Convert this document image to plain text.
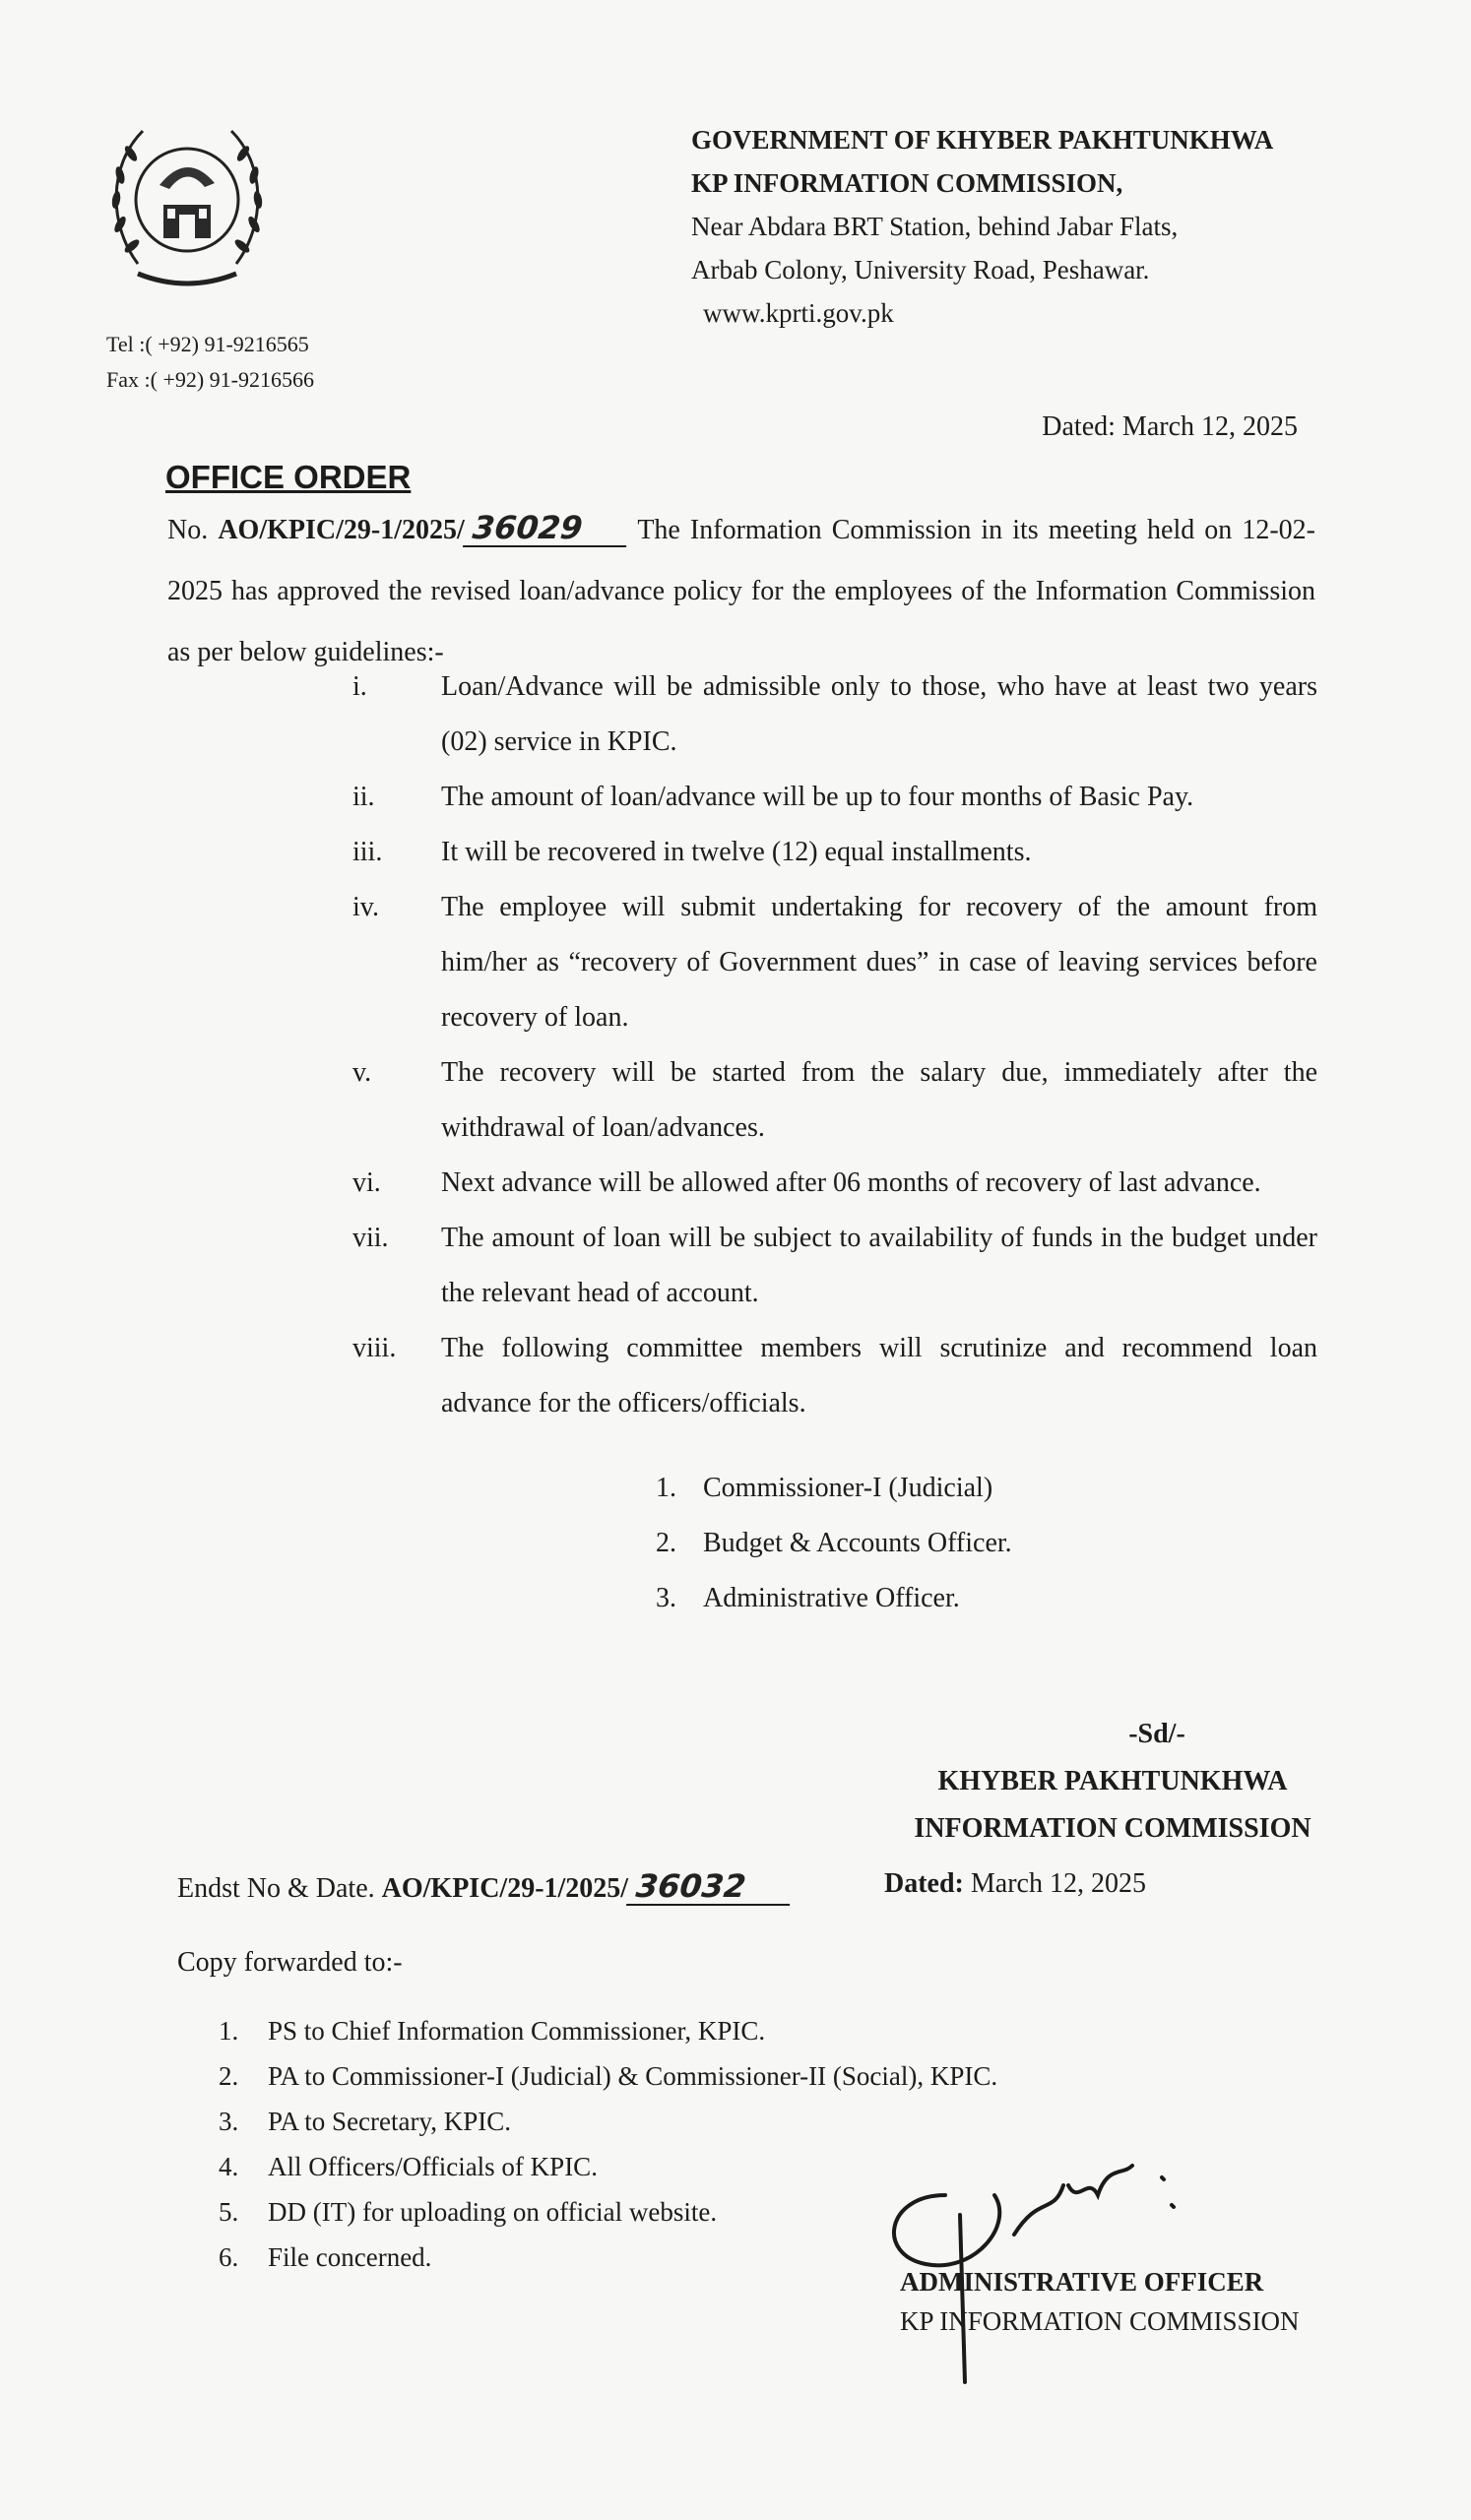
Tel :( +92) 91-9216565
Fax :( +92) 91-9216566
GOVERNMENT OF KHYBER PAKHTUNKHWA
KP INFORMATION COMMISSION,
Near Abdara BRT Station, behind Jabar Flats,
Arbab Colony, University Road, Peshawar.
www.kprti.gov.pk
Dated: March 12, 2025
OFFICE ORDER
No. AO/KPIC/29-1/2025/ 36029 The Information Commission in its meeting held on 12-02-2025 has approved the revised loan/advance policy for the employees of the Information Commission as per below guidelines:-
i.	Loan/Advance will be admissible only to those, who have at least two years (02) service in KPIC.
ii.	The amount of loan/advance will be up to four months of Basic Pay.
iii.	It will be recovered in twelve (12) equal installments.
iv.	The employee will submit undertaking for recovery of the amount from him/her as “recovery of Government dues” in case of leaving services before recovery of loan.
v.	The recovery will be started from the salary due, immediately after the withdrawal of loan/advances.
vi.	Next advance will be allowed after 06 months of recovery of last advance.
vii.	The amount of loan will be subject to availability of funds in the budget under the relevant head of account.
viii.	The following committee members will scrutinize and recommend loan advance for the officers/officials.
1. Commissioner-I (Judicial)
2. Budget & Accounts Officer.
3. Administrative Officer.
-Sd/-
KHYBER PAKHTUNKHWA
INFORMATION COMMISSION
Endst No & Date. AO/KPIC/29-1/2025/ 36032	Dated: March 12, 2025
Copy forwarded to:-
1.	PS to Chief Information Commissioner, KPIC.
2.	PA to Commissioner-I (Judicial) & Commissioner-II (Social), KPIC.
3.	PA to Secretary, KPIC.
4.	All Officers/Officials of KPIC.
5.	DD (IT) for uploading on official website.
6.	File concerned.
ADMINISTRATIVE OFFICER
KP INFORMATION COMMISSION
